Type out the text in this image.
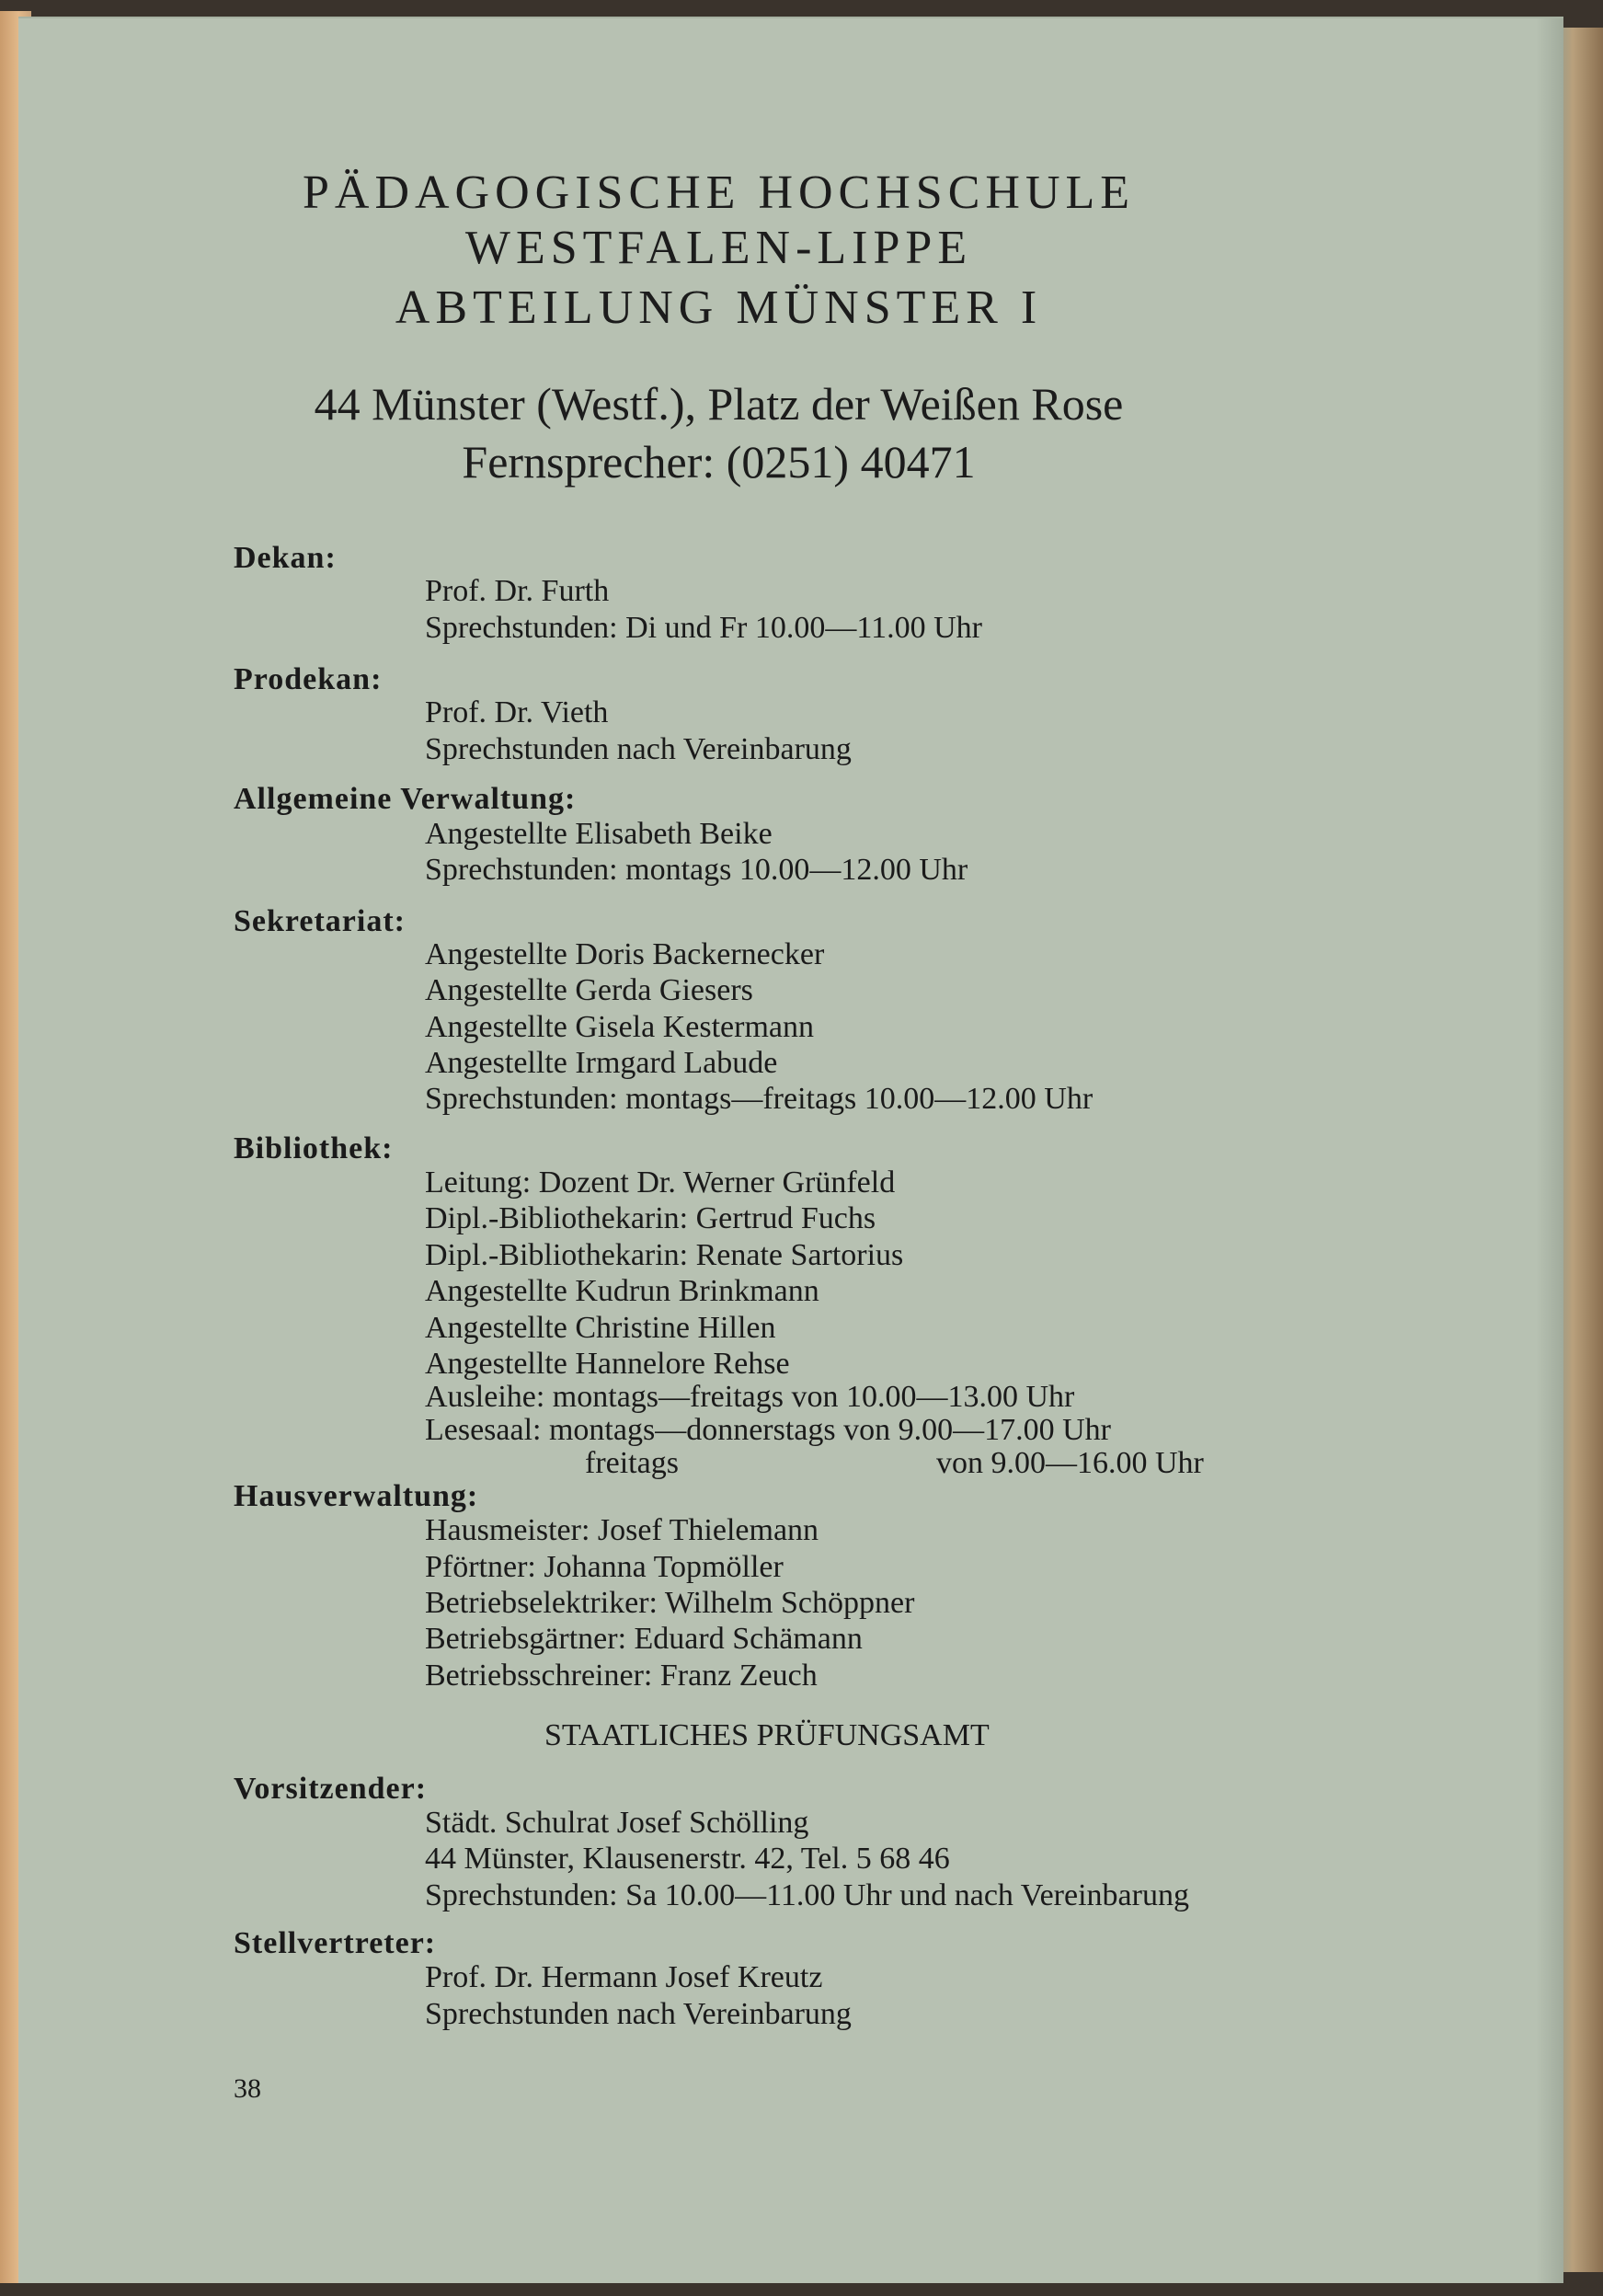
PÄDAGOGISCHE HOCHSCHULE
WESTFALEN-LIPPE
ABTEILUNG MÜNSTER I
44 Münster (Westf.), Platz der Weißen Rose
Fernsprecher: (0251) 40471
Dekan:
Prof. Dr. Furth
Sprechstunden: Di und Fr 10.00—11.00 Uhr
Prodekan:
Prof. Dr. Vieth
Sprechstunden nach Vereinbarung
Allgemeine Verwaltung:
Angestellte Elisabeth Beike
Sprechstunden: montags 10.00—12.00 Uhr
Sekretariat:
Angestellte Doris Backernecker
Angestellte Gerda Giesers
Angestellte Gisela Kestermann
Angestellte Irmgard Labude
Sprechstunden: montags—freitags 10.00—12.00 Uhr
Bibliothek:
Leitung: Dozent Dr. Werner Grünfeld
Dipl.-Bibliothekarin: Gertrud Fuchs
Dipl.-Bibliothekarin: Renate Sartorius
Angestellte Kudrun Brinkmann
Angestellte Christine Hillen
Angestellte Hannelore Rehse
Ausleihe: montags—freitags von 10.00—13.00 Uhr
Lesesaal: montags—donnerstags von 9.00—17.00 Uhr
freitags	von 9.00—16.00 Uhr
Hausverwaltung:
Hausmeister: Josef Thielemann
Pförtner: Johanna Topmöller
Betriebselektriker: Wilhelm Schöppner
Betriebsgärtner: Eduard Schämann
Betriebsschreiner: Franz Zeuch
STAATLICHES PRÜFUNGSAMT
Vorsitzender:
Städt. Schulrat Josef Schölling
44 Münster, Klausenerstr. 42, Tel. 5 68 46
Sprechstunden: Sa 10.00—11.00 Uhr und nach Vereinbarung
Stellvertreter:
Prof. Dr. Hermann Josef Kreutz
Sprechstunden nach Vereinbarung
38
